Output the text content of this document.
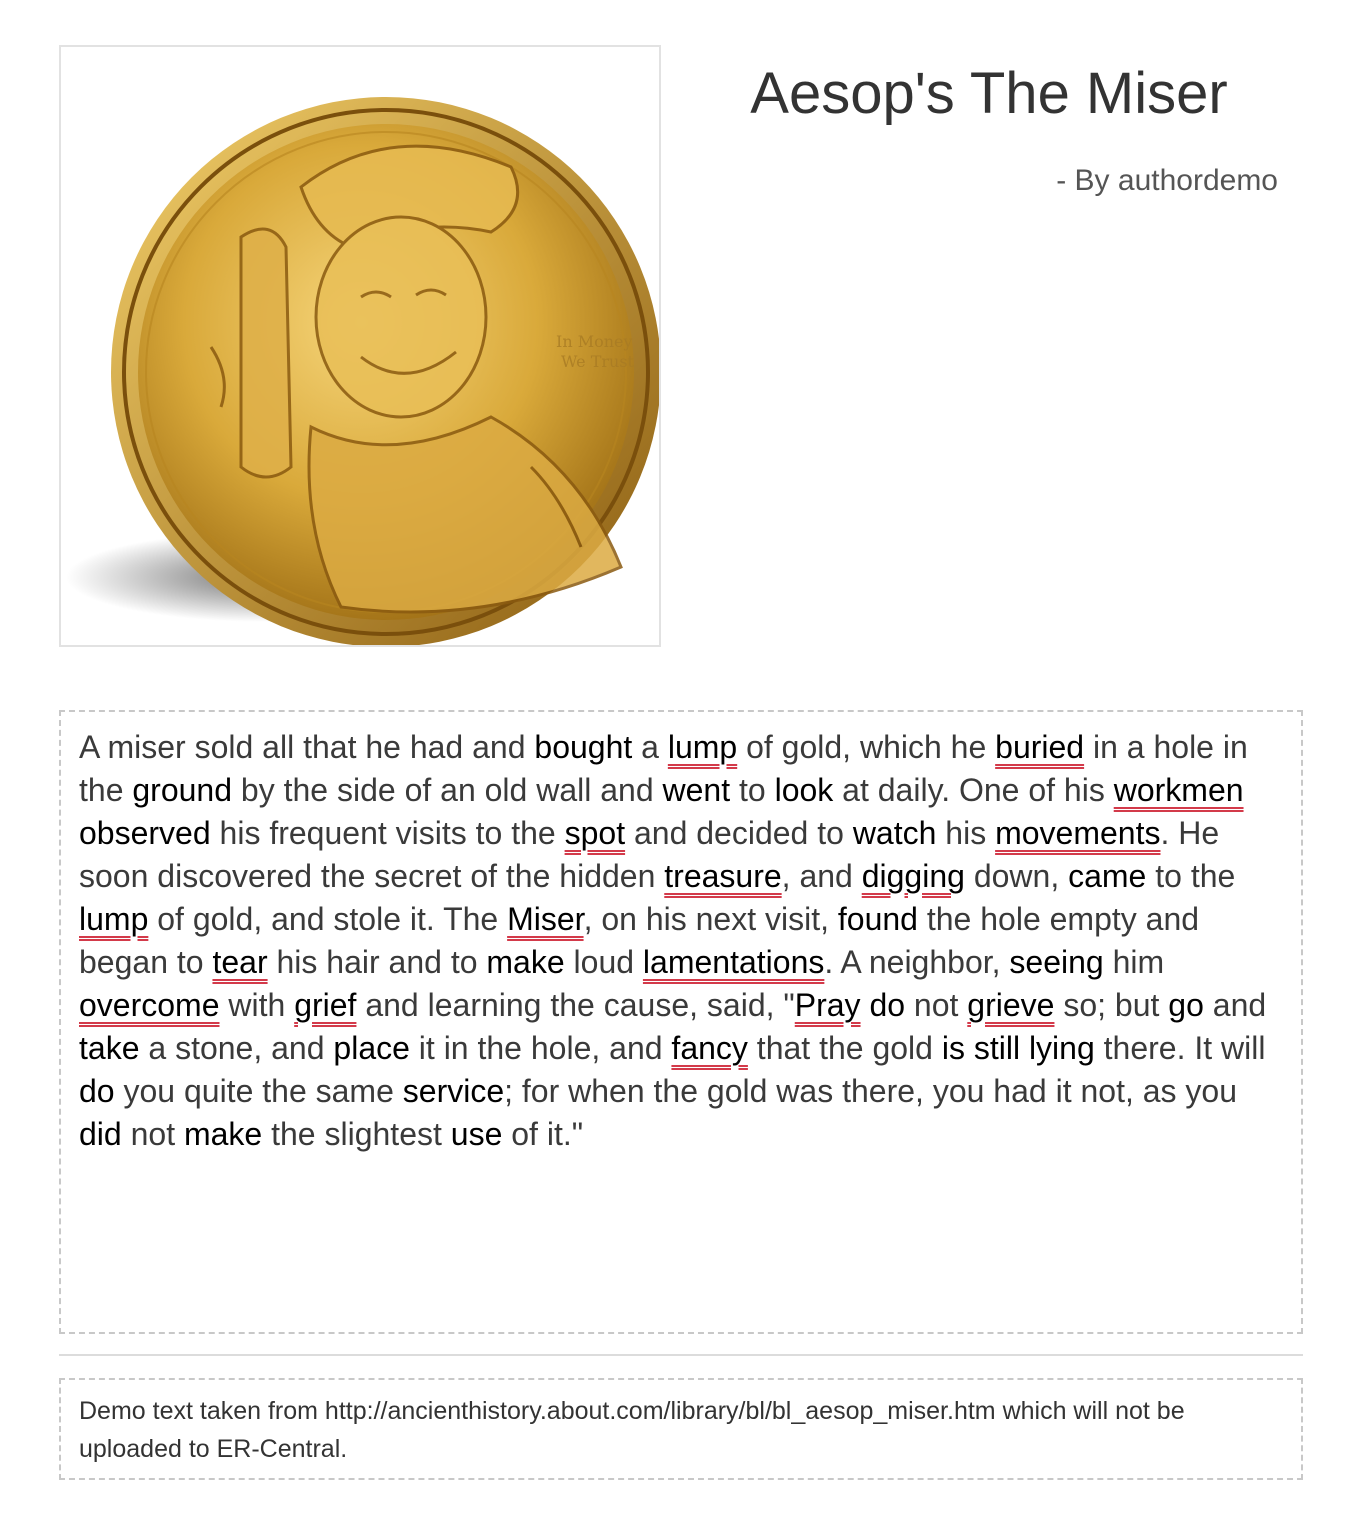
In Money
We Trust
Aesop's The Miser
- By authordemo

A miser sold all that he had and bought a lump of gold, which he buried in a hole in the ground by the side of an old wall and went to look at daily. One of his workmen observed his frequent visits to the spot and decided to watch his movements. He soon discovered the secret of the hidden treasure, and digging down, came to the lump of gold, and stole it. The Miser, on his next visit, found the hole empty and began to tear his hair and to make loud lamentations. A neighbor, seeing him overcome with grief and learning the cause, said, "Pray do not grieve so; but go and take a stone, and place it in the hole, and fancy that the gold is still lying there. It will do you quite the same service; for when the gold was there, you had it not, as you did not make the slightest use of it."

Demo text taken from http://ancienthistory.about.com/library/bl/bl_aesop_miser.htm which will not be uploaded to ER-Central.
